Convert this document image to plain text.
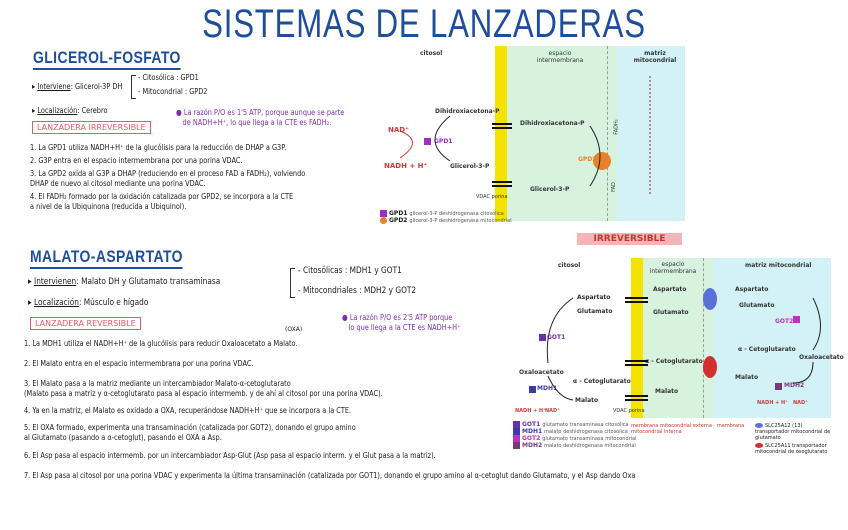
SISTEMAS DE LANZADERAS
GLICEROL-FOSFATO
▸ Interviene: Glicerol-3P DH
- Citosólica : GPD1
- Mitocondrial : GPD2
▸ Localización: Cerebro
LANZADERA IRREVERSIBLE
● La razón P/O es 1'5 ATP, porque aunque se parte
de NADH+H⁺, lo que llega a la CTE es FADH₂.
1. La GPD1 utiliza NADH+H⁺ de la glucólisis para la reducción de DHAP a G3P.
2. G3P entra en el espacio intermembrana por una porina VDAC.
3. La GPD2 oxida al G3P a DHAP (reduciendo en el proceso FAD a FADH₂), volviendo
DHAP de nuevo al citosol mediante una porina VDAC.
4. El FADH₂ formado por la oxidación catalizada por GPD2, se incorpora a la CTE
a nivel de la Ubiquinona (reducida a Ubiquinol).
citosol	espacio intermembrana
matriz mitocondrial
Dihidroxiacetona-P
Dihidroxiacetona-P
Glicerol-3-P
Glicerol-3-P
NAD⁺
NADH + H⁺
GPD1
GPD2
VDAC porina
FADH₂
FAD
GPD1 glicerol-3-P deshidrogenasa citosólica
GPD2 glicerol-3-P deshidrogenasa mitocondrial
IRREVERSIBLE
MALATO-ASPARTATO
▸ Intervienen: Malato DH y Glutamato transaminasa
- Citosólicas : MDH1 y GOT1
- Mitocondriales : MDH2 y GOT2
▸ Localización: Músculo e hígado
LANZADERA REVERSIBLE
(OXA)
● La razón P/O es 2'5 ATP porque
lo que llega a la CTE es NADH+H⁺
1. La MDH1 utiliza el NADH+H⁺ de la glucólisis para reducir Oxaloacetato a Malato.
2. El Malato entra en el espacio intermembrana por una porina VDAC.
3. El Malato pasa a la matriz mediante un intercambiador Malato-α-cetoglutarato
(Malato pasa a matriz y α-cetoglutarato pasa al espacio intermemb. y de ahí al citosol por una porina VDAC).
4. Ya en la matriz, el Malato es oxidado a OXA, recuperándose NADH+H⁺ que se incorpora a la CTE.
5. El OXA formado, experimenta una transaminación (catalizada por GOT2), donando el grupo amino
al Glutamato (pasando a α-cetoglut), pasando el OXA a Asp.
6. El Asp pasa al espacio intermemb. por un intercambiador Asp-Glut (Asp pasa al espacio interm. y el Glut pasa a la matriz).
7. El Asp pasa al citosol por una porina VDAC y experimenta la última transaminación (catalizada por GOT1), donando el grupo amino al α-cetoglut dando Glutamato, y el Asp dando Oxa
citosol	espacio intermembrana
matriz mitocondrial
Aspartato
Glutamato
Aspartato
Glutamato
Aspartato
Glutamato
GOT1
GOT2
Oxaloacetato
Oxaloacetato
α - Cetoglutarato
α - Cetoglutarato
α - Cetoglutarato
Malato
Malato
Malato
MDH1	MDH2
NADH + H⁺ NAD⁺
NADH + H⁺ NAD⁺
VDAC porina
GOT1 glutamato transaminasa citosólica
MDH1 malato deshidrogenasa citosólica
GOT2 glutamato transaminasa mitocondrial
MDH2 malato deshidrogenasa mitocondrial
membrana mitocondrial externa · membrana mitocondrial interna
SLC25A12 (13) transportador mitocondrial de glutamato
SLC25A11 transportador mitocondrial de oxoglutarato
